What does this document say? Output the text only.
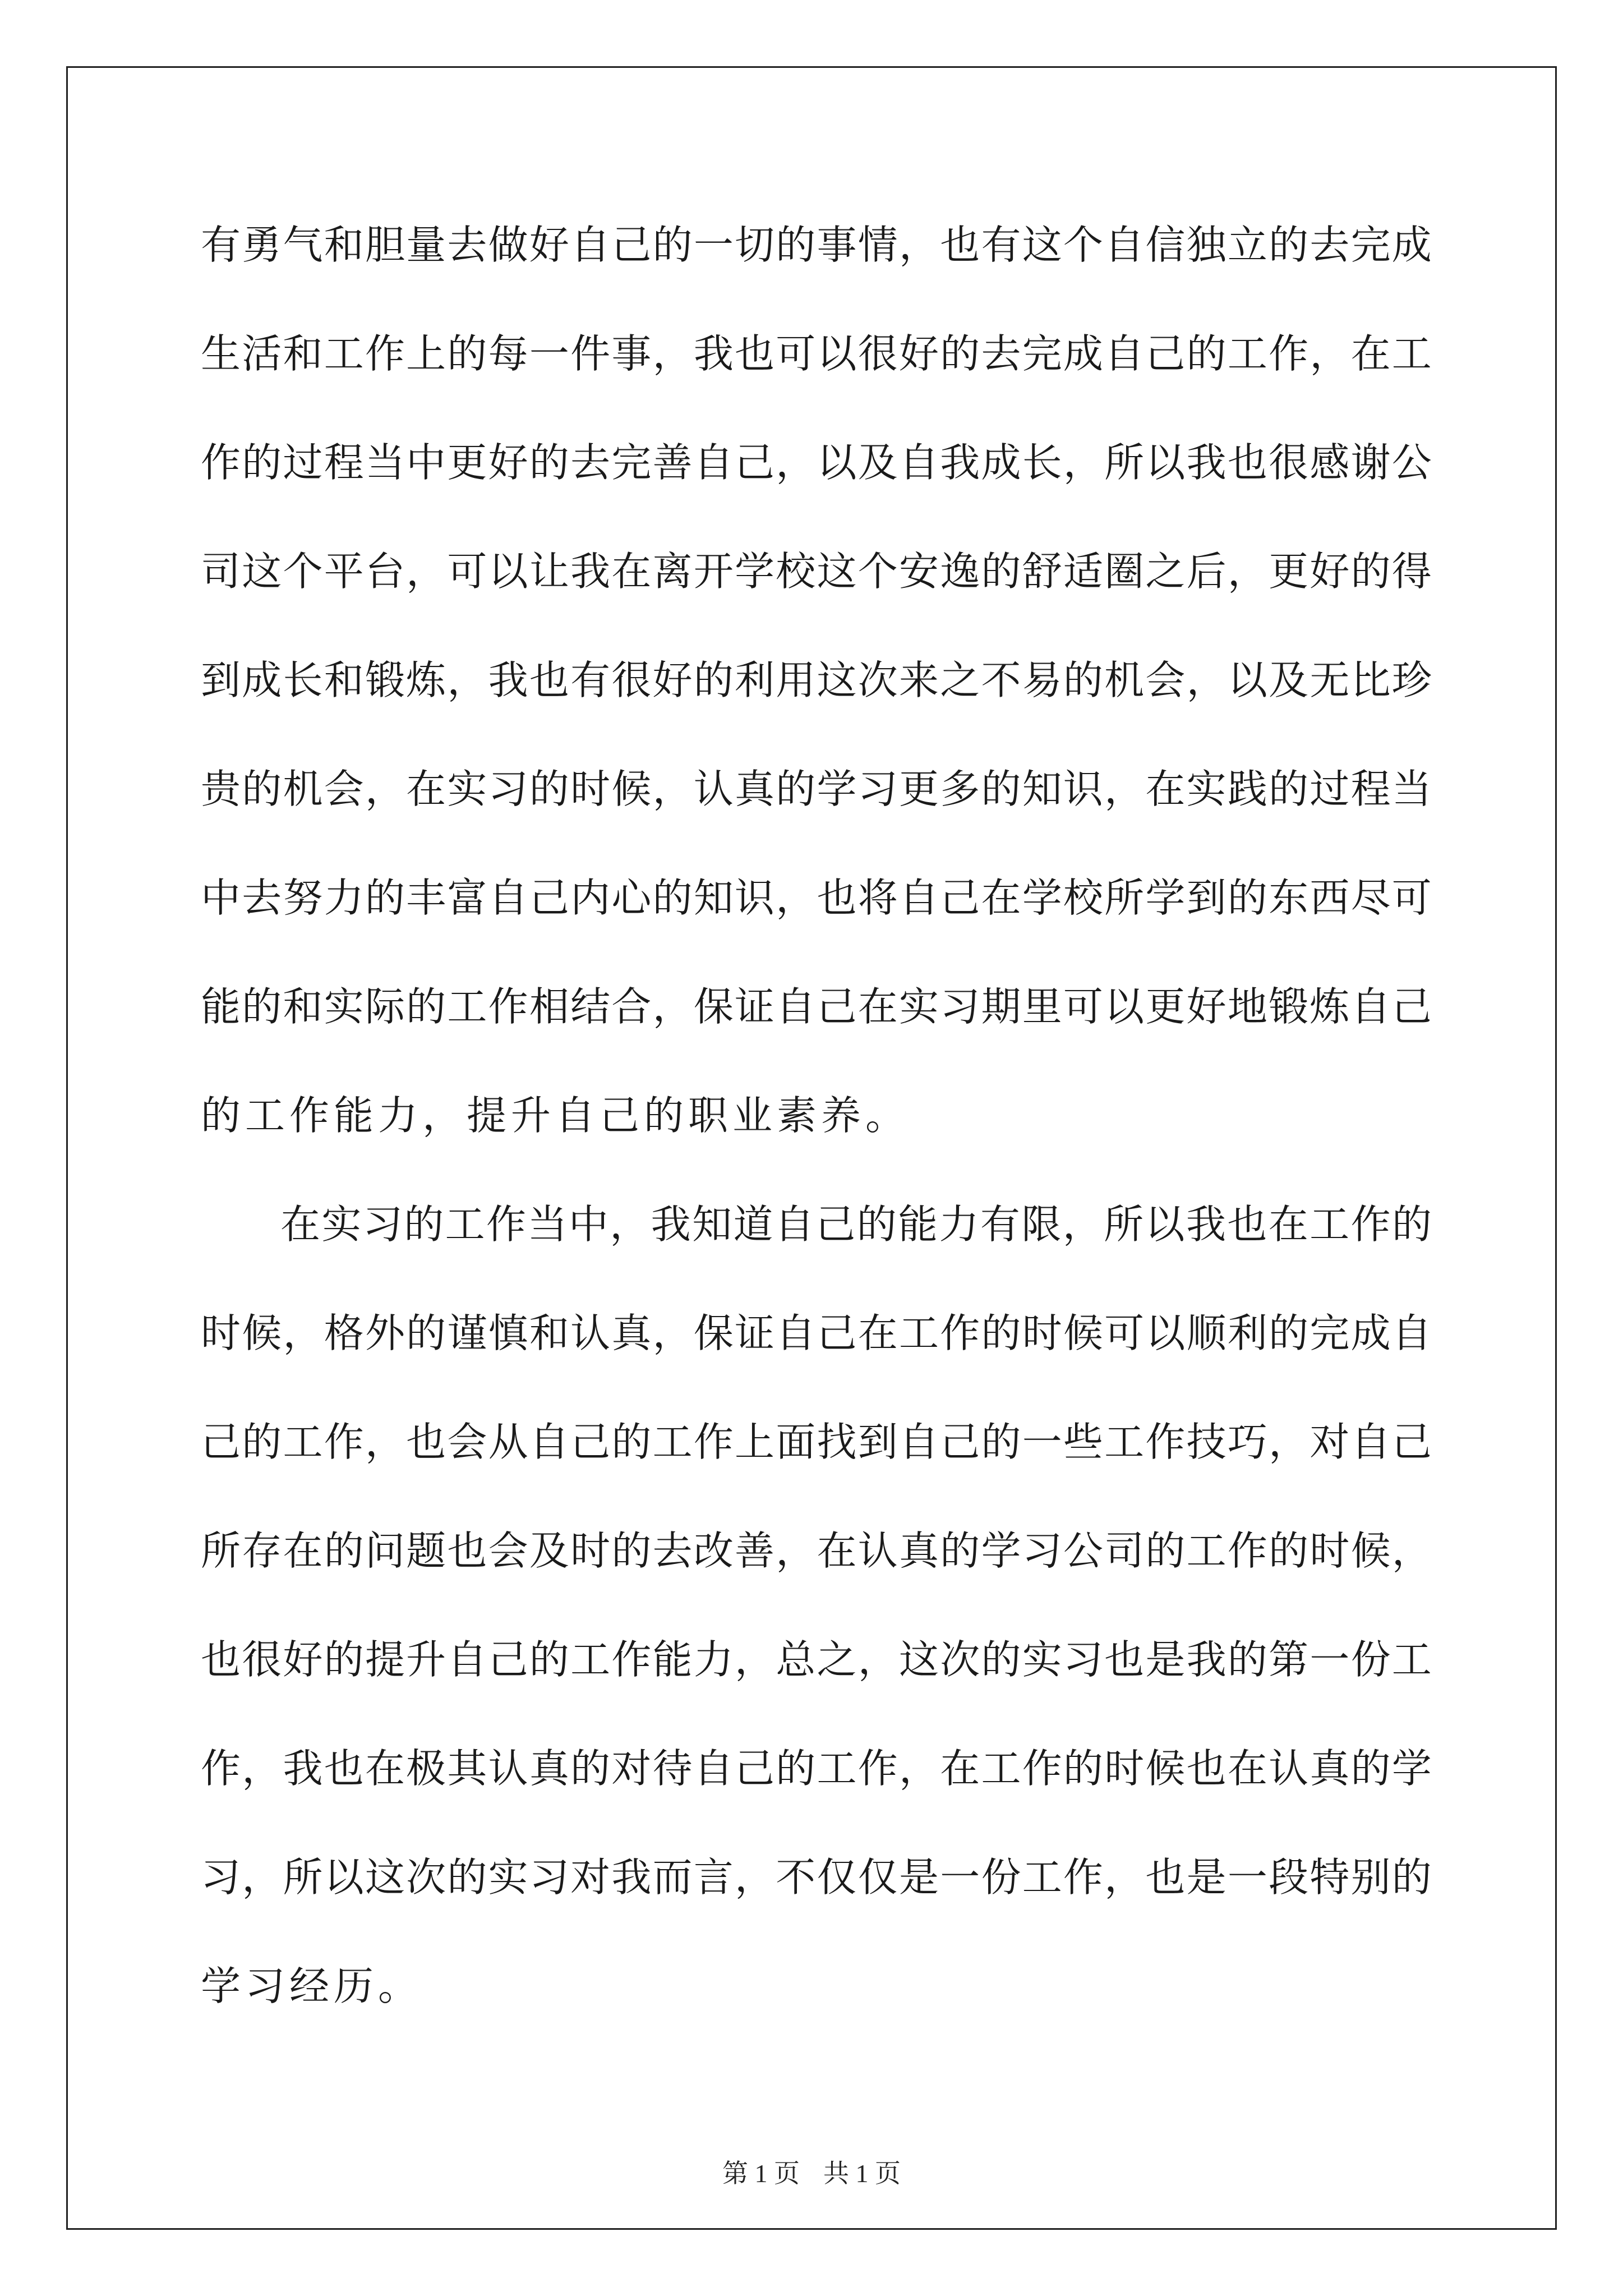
有 勇 气 和 胆 量 去 做 好 自 己 的 一 切 的 事 情 ， 也 有 这 个 自 信 独 立 的 去 完 成
生 活 和 工 作 上 的 每 一 件 事 ， 我 也 可 以 很 好 的 去 完 成 自 己 的 工 作 ， 在 工
作 的 过 程 当 中 更 好 的 去 完 善 自 己 ， 以 及 自 我 成 长 ， 所 以 我 也 很 感 谢 公
司 这 个 平 台 ， 可 以 让 我 在 离 开 学 校 这 个 安 逸 的 舒 适 圈 之 后 ， 更 好 的 得
到 成 长 和 锻 炼 ， 我 也 有 很 好 的 利 用 这 次 来 之 不 易 的 机 会 ， 以 及 无 比 珍
贵 的 机 会 ， 在 实 习 的 时 候 ， 认 真 的 学 习 更 多 的 知 识 ， 在 实 践 的 过 程 当
中 去 努 力 的 丰 富 自 己 内 心 的 知 识 ， 也 将 自 己 在 学 校 所 学 到 的 东 西 尽 可
能 的 和 实 际 的 工 作 相 结 合 ， 保 证 自 己 在 实 习 期 里 可 以 更 好 地 锻 炼 自 己
的工作能力，提升自己的职业素养。
在 实 习 的 工 作 当 中 ， 我 知 道 自 己 的 能 力 有 限 ， 所 以 我 也 在 工 作 的
时 候 ， 格 外 的 谨 慎 和 认 真 ， 保 证 自 己 在 工 作 的 时 候 可 以 顺 利 的 完 成 自
己 的 工 作 ， 也 会 从 自 己 的 工 作 上 面 找 到 自 己 的 一 些 工 作 技 巧 ， 对 自 己
所 存 在 的 问 题 也 会 及 时 的 去 改 善 ， 在 认 真 的 学 习 公 司 的 工 作 的 时 候 ，
也 很 好 的 提 升 自 己 的 工 作 能 力 ， 总 之 ， 这 次 的 实 习 也 是 我 的 第 一 份 工
作 ， 我 也 在 极 其 认 真 的 对 待 自 己 的 工 作 ， 在 工 作 的 时 候 也 在 认 真 的 学
习 ， 所 以 这 次 的 实 习 对 我 而 言 ， 不 仅 仅 是 一 份 工 作 ， 也 是 一 段 特 别 的
学习经历。
第 1 页 共 1 页
